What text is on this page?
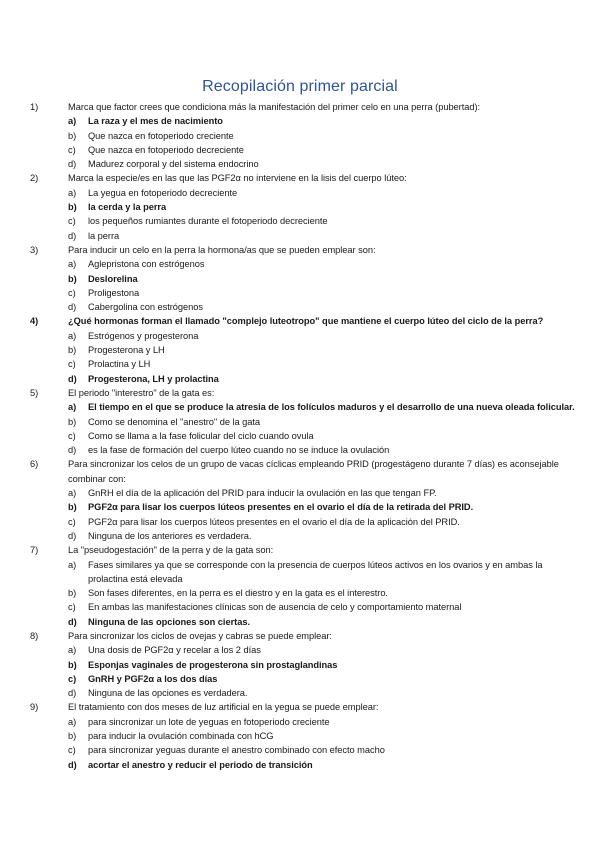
Recopilación primer parcial
1)	Marca que factor crees que condiciona más la manifestación del primer celo en una perra (pubertad):
a)	La raza y el mes de nacimiento
b)	Que nazca en fotoperiodo creciente
c)	Que nazca en fotoperiodo decreciente
d)	Madurez corporal y del sistema endocrino
2)	Marca la especie/es en las que las PGF2α no interviene en la lisis del cuerpo lúteo:
a)	La yegua en fotoperiodo decreciente
b)	la cerda y la perra
c)	los pequeños rumiantes durante el fotoperiodo decreciente
d)	la perra
3)	Para inducir un celo en la perra la hormona/as que se pueden emplear son:
a)	Aglepristona con estrógenos
b)	Deslorelina
c)	Proligestona
d)	Cabergolina con estrógenos
4)	¿Qué hormonas forman el llamado "complejo luteotropo" que mantiene el cuerpo lúteo del ciclo de la perra?
a)	Estrógenos y progesterona
b)	Progesterona y LH
c)	Prolactina y LH
d)	Progesterona, LH y prolactina
5)	El periodo "interestro" de la gata es:
a)	El tiempo en el que se produce la atresia de los folículos maduros y el desarrollo de una nueva oleada folicular.
b)	Como se denomina el "anestro" de la gata
c)	Como se llama a la fase folicular del ciclo cuando ovula
d)	es la fase de formación del cuerpo lúteo cuando no se induce la ovulación
6)	Para sincronizar los celos de un grupo de vacas cíclicas empleando PRID (progestágeno durante 7 días) es aconsejable combinar con:
a)	GnRH el día de la aplicación del PRID para inducir la ovulación en las que tengan FP.
b)	PGF2α para lisar los cuerpos lúteos presentes en el ovario el día de la retirada del PRID.
c)	PGF2α para lisar los cuerpos lúteos presentes en el ovario el día de la aplicación del PRID.
d)	Ninguna de los anteriores es verdadera.
7)	La "pseudogestación" de la perra y de la gata son:
a)	Fases similares ya que se corresponde con la presencia de cuerpos lúteos activos en los ovarios y en ambas la prolactina está elevada
b)	Son fases diferentes, en la perra es el diestro y en la gata es el interestro.
c)	En ambas las manifestaciones clínicas son de ausencia de celo y comportamiento maternal
d)	Ninguna de las opciones son ciertas.
8)	Para sincronizar los ciclos de ovejas y cabras se puede emplear:
a)	Una dosis de PGF2α y recelar a los 2 días
b)	Esponjas vaginales de progesterona sin prostaglandinas
c)	GnRH y PGF2α a los dos días
d)	Ninguna de las opciones es verdadera.
9)	El tratamiento con dos meses de luz artificial en la yegua se puede emplear:
a)	para sincronizar un lote de yeguas en fotoperiodo creciente
b)	para inducir la ovulación combinada con hCG
c)	para sincronizar yeguas durante el anestro combinado con efecto macho
d)	acortar el anestro y reducir el periodo de transición
